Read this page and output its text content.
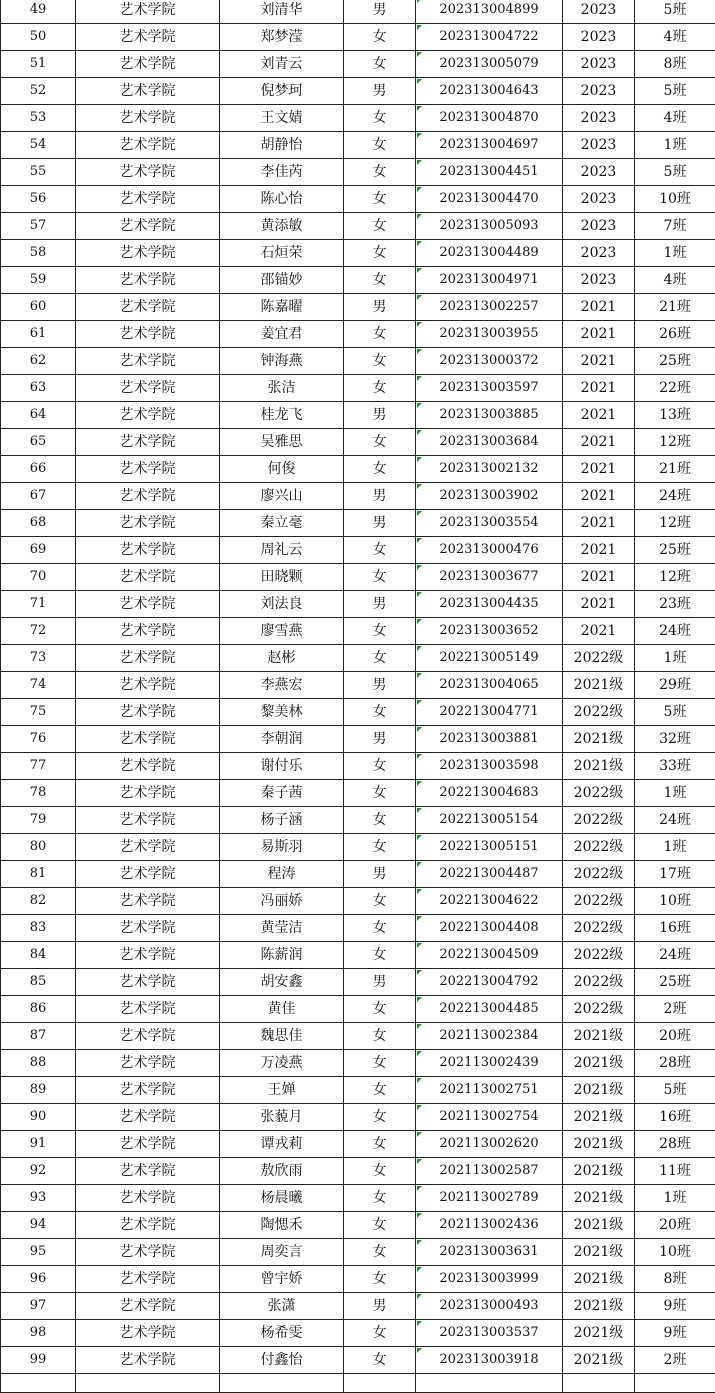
49	艺术学院	刘清华	男	202313004899	2023	5班
50	艺术学院	郑梦滢	女	202313004722	2023	4班
51	艺术学院	刘青云	女	202313005079	2023	8班
52	艺术学院	倪梦珂	男	202313004643	2023	5班
53	艺术学院	王文婧	女	202313004870	2023	4班
54	艺术学院	胡静怡	女	202313004697	2023	1班
55	艺术学院	李佳芮	女	202313004451	2023	5班
56	艺术学院	陈心怡	女	202313004470	2023	10班
57	艺术学院	黄添敏	女	202313005093	2023	7班
58	艺术学院	石烜荣	女	202313004489	2023	1班
59	艺术学院	邵锚妙	女	202313004971	2023	4班
60	艺术学院	陈嘉曜	男	202313002257	2021	21班
61	艺术学院	姜宜君	女	202313003955	2021	26班
62	艺术学院	钟海燕	女	202313000372	2021	25班
63	艺术学院	张洁	女	202313003597	2021	22班
64	艺术学院	桂龙飞	男	202313003885	2021	13班
65	艺术学院	吴雅思	女	202313003684	2021	12班
66	艺术学院	何俊	女	202313002132	2021	21班
67	艺术学院	廖兴山	男	202313003902	2021	24班
68	艺术学院	秦立毫	男	202313003554	2021	12班
69	艺术学院	周礼云	女	202313000476	2021	25班
70	艺术学院	田晓颗	女	202313003677	2021	12班
71	艺术学院	刘法良	男	202313004435	2021	23班
72	艺术学院	廖雪燕	女	202313003652	2021	24班
73	艺术学院	赵彬	女	202213005149	2022级	1班
74	艺术学院	李燕宏	男	202313004065	2021级	29班
75	艺术学院	黎美林	女	202213004771	2022级	5班
76	艺术学院	李朝润	男	202313003881	2021级	32班
77	艺术学院	谢付乐	女	202313003598	2021级	33班
78	艺术学院	秦子茜	女	202213004683	2022级	1班
79	艺术学院	杨子涵	女	202213005154	2022级	24班
80	艺术学院	易斯羽	女	202213005151	2022级	1班
81	艺术学院	程涛	男	202213004487	2022级	17班
82	艺术学院	冯丽娇	女	202213004622	2022级	10班
83	艺术学院	黄莹洁	女	202213004408	2022级	16班
84	艺术学院	陈薪润	女	202213004509	2022级	24班
85	艺术学院	胡安鑫	男	202213004792	2022级	25班
86	艺术学院	黄佳	女	202213004485	2022级	2班
87	艺术学院	魏思佳	女	202113002384	2021级	20班
88	艺术学院	万凌燕	女	202113002439	2021级	28班
89	艺术学院	王婵	女	202113002751	2021级	5班
90	艺术学院	张藐月	女	202113002754	2021级	16班
91	艺术学院	谭戎莉	女	202113002620	2021级	28班
92	艺术学院	敖欣雨	女	202113002587	2021级	11班
93	艺术学院	杨晨曦	女	202113002789	2021级	1班
94	艺术学院	陶愢禾	女	202113002436	2021级	20班
95	艺术学院	周奕言	女	202313003631	2021级	10班
96	艺术学院	曾宇娇	女	202313003999	2021级	8班
97	艺术学院	张潇	男	202313000493	2021级	9班
98	艺术学院	杨希雯	女	202313003537	2021级	9班
99	艺术学院	付鑫怡	女	202313003918	2021级	2班
